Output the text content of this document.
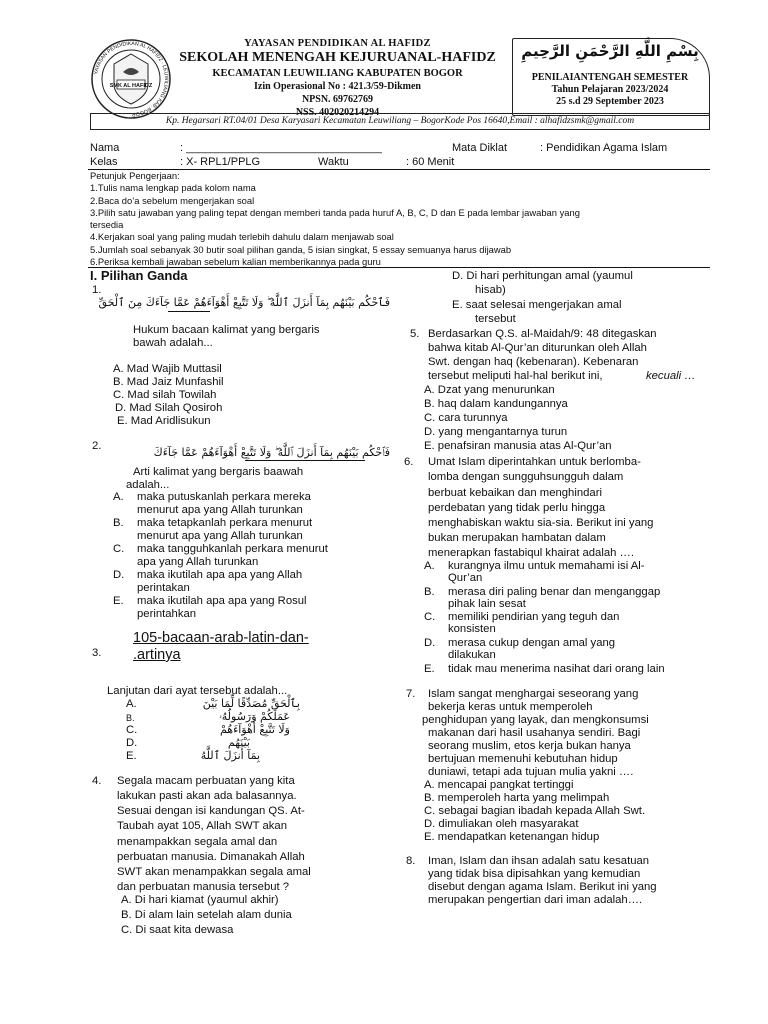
SMK AL HAFIDZ
YAYASAN PENDIDIKAN AL HAFIDZ · LEUWILIANG KAB. BOGOR
YAYASAN PENDIDIKAN AL HAFIDZ
SEKOLAH MENENGAH KEJURUANAL-HAFIDZ
KECAMATAN LEUWILIANG KABUPATEN BOGOR
Izin Operasional No : 421.3/59-Dikmen
NPSN. 69762769
NSS. 402020214294
بِسْمِ اللَّهِ الرَّحْمَنِ الرَّحِيمِ
PENILAIANTENGAH SEMESTER
Tahun Pelajaran 2023/2024
25 s.d 29 September 2023
Kp. Hegarsari RT.04/01 Desa Karyasari Kecamatan Leuwiliang – BogorKode Pos 16640,Email : alhafidzsmk@gmail.com
Nama	: ________________________________	Mata Diklat	: Pendidikan Agama Islam
Kelas	: X- RPL1/PPLG	Waktu	: 60 Menit
Petunjuk Pengerjaan:
1.Tulis nama lengkap pada kolom nama
2.Baca do’a sebelum mengerjakan soal
3.Pilih satu jawaban yang paling tepat dengan memberi tanda pada huruf A, B, C, D dan E pada lembar jawaban yang
tersedia
4.Kerjakan soal yang paling mudah terlebih dahulu dalam menjawab soal
5.Jumlah soal sebanyak 30 butir soal pilihan ganda, 5 isian singkat, 5 essay semuanya harus dijawab
6.Periksa kembali jawaban sebelum kalian memberikannya pada guru
I. Pilihan Ganda
1.
فَٱحْكُم بَيْنَهُم بِمَآ أَنزَلَ ٱللَّهُ ۖ وَلَا تَتَّبِعْ أَهْوَآءَهُمْ عَمَّا جَآءَكَ مِنَ ٱلْحَقِّ
Hukum bacaan kalimat yang bergaris
bawah adalah...
A. Mad Wajib Muttasil
B. Mad Jaiz Munfashil
C. Mad silah Towilah
D. Mad Silah Qosiroh
E. Mad Aridlisukun
2.	فَٱحْكُم بَيْنَهُم بِمَآ أَنزَلَ ٱللَّهُ ۖ وَلَا تَتَّبِعْ أَهْوَآءَهُمْ عَمَّا جَآءَكَ
Arti kalimat yang bergaris baawah
adalah...
A. maka putuskanlah perkara mereka
menurut apa yang Allah turunkan
B. maka tetapkanlah perkara menurut
menurut apa yang Allah turunkan
C. maka tangguhkanlah perkara menurut
apa yang Allah turunkan
D. maka ikutilah apa apa yang Allah
perintakan
E. maka ikutilah apa apa yang Rosul
perintahkan
105-bacaan-arab-latin-dan-
3. .artinya
Lanjutan dari ayat tersebut adalah...
A.	بِٱلْحَقِّ مُصَدِّقًا لِّمَا بَيْنَ
B.	عَمَلَكُمْ وَرَسُولُهُۥ
C.	وَلَا تَتَّبِعْ أَهْوَآءَهُمْ
D.	بَيْنَهُم
E.	بِمَآ أَنزَلَ ٱللَّهُ
4. Segala macam perbuatan yang kita
lakukan pasti akan ada balasannya.
Sesuai dengan isi kandungan QS. At-
Taubah ayat 105, Allah SWT akan
menampakkan segala amal dan
perbuatan manusia. Dimanakah Allah
SWT akan menampakkan segala amal
dan perbuatan manusia tersebut ?
A. Di hari kiamat (yaumul akhir)
B. Di alam lain setelah alam dunia
C. Di saat kita dewasa
D. Di hari perhitungan amal (yaumul
hisab)
E. saat selesai mengerjakan amal
tersebut
5. Berdasarkan Q.S. al-Maidah/9: 48 ditegaskan
bahwa kitab Al-Qur’an diturunkan oleh Allah
Swt. dengan haq (kebenaran). Kebenaran
tersebut meliputi hal-hal berikut ini,	kecuali …
A. Dzat yang menurunkan
B. haq dalam kandungannya
C. cara turunnya
D. yang mengantarnya turun
E. penafsiran manusia atas Al-Qur’an
6. Umat Islam diperintahkan untuk berlomba-
lomba dengan sungguhsungguh dalam
berbuat kebaikan dan menghindari
perdebatan yang tidak perlu hingga
menghabiskan waktu sia-sia. Berikut ini yang
bukan merupakan hambatan dalam
menerapkan fastabiqul khairat adalah ….
A. kurangnya ilmu untuk memahami isi Al-
Qur’an
B. merasa diri paling benar dan menganggap
pihak lain sesat
C. memiliki pendirian yang teguh dan
konsisten
D. merasa cukup dengan amal yang
dilakukan
E. tidak mau menerima nasihat dari orang lain
7. Islam sangat menghargai seseorang yang
bekerja keras untuk memperoleh
penghidupan yang layak, dan mengkonsumsi
makanan dari hasil usahanya sendiri. Bagi
seorang muslim, etos kerja bukan hanya
bertujuan memenuhi kebutuhan hidup
duniawi, tetapi ada tujuan mulia yakni ….
A. mencapai pangkat tertinggi
B. memperoleh harta yang melimpah
C. sebagai bagian ibadah kepada Allah Swt.
D. dimuliakan oleh masyarakat
E. mendapatkan ketenangan hidup
8. Iman, Islam dan ihsan adalah satu kesatuan
yang tidak bisa dipisahkan yang kemudian
disebut dengan agama Islam. Berikut ini yang
merupakan pengertian dari iman adalah….
